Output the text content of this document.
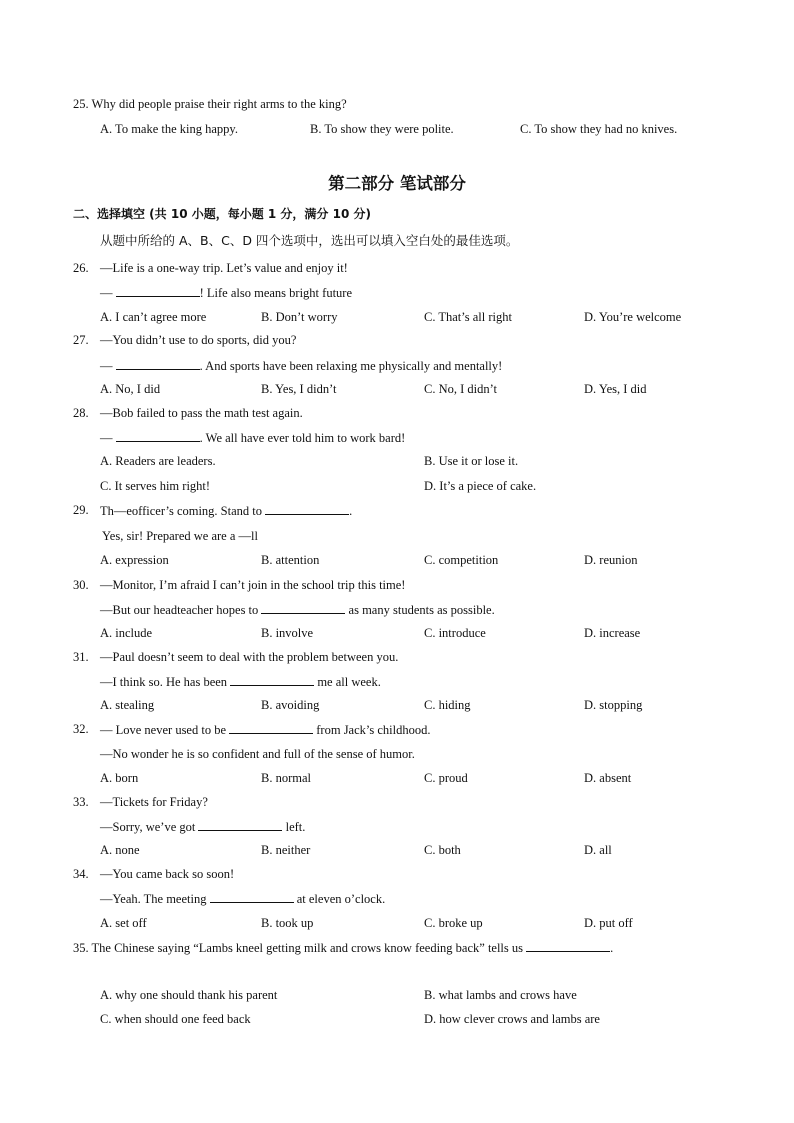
25. Why did people praise their right arms to the king?
A. To make the king happy.	B. To show they were polite.	C. To show they had no knives.
第二部分 笔试部分
二、选择填空 (共 10 小题，每小题 1 分，满分 10 分)
从题中所给的 A、B、C、D 四个选项中，选出可以填入空白处的最佳选项。
26. —Life is a one-way trip. Let’s value and enjoy it!
—	! Life also means bright future
A. I can’t agree more	B. Don’t worry	C. That’s all right	D. You’re welcome
27. —You didn’t use to do sports, did you?
—	. And sports have been relaxing me physically and mentally!
A. No, I did	B. Yes, I didn’t	C. No, I didn’t	D. Yes, I did
28. —Bob failed to pass the math test again.
—	. We all have ever told him to work bard!
A. Readers are leaders.	B. Use it or lose it.
C. It serves him right!	D. It’s a piece of cake.
29. Th—eofficer’s coming. Stand to	.
Yes, sir! Prepared we are a —ll
A. expression	B. attention	C. competition	D. reunion
30. —Monitor, I’m afraid I can’t join in the school trip this time!
—But our headteacher hopes to	as many students as possible.
A. include	B. involve	C. introduce	D. increase
31. —Paul doesn’t seem to deal with the problem between you.
—I think so. He has been	me all week.
A. stealing	B. avoiding	C. hiding	D. stopping
32. — Love never used to be	from Jack’s childhood.
—No wonder he is so confident and full of the sense of humor.
A. born	B. normal	C. proud	D. absent
33. —Tickets for Friday?
—Sorry, we’ve got	left.
A. none	B. neither	C. both	D. all
34. —You came back so soon!
—Yeah. The meeting	at eleven o’clock.
A. set off	B. took up	C. broke up	D. put off
35. The Chinese saying “Lambs kneel getting milk and crows know feeding back” tells us	.
A. why one should thank his parent	B. what lambs and crows have
C. when should one feed back	D. how clever crows and lambs are
